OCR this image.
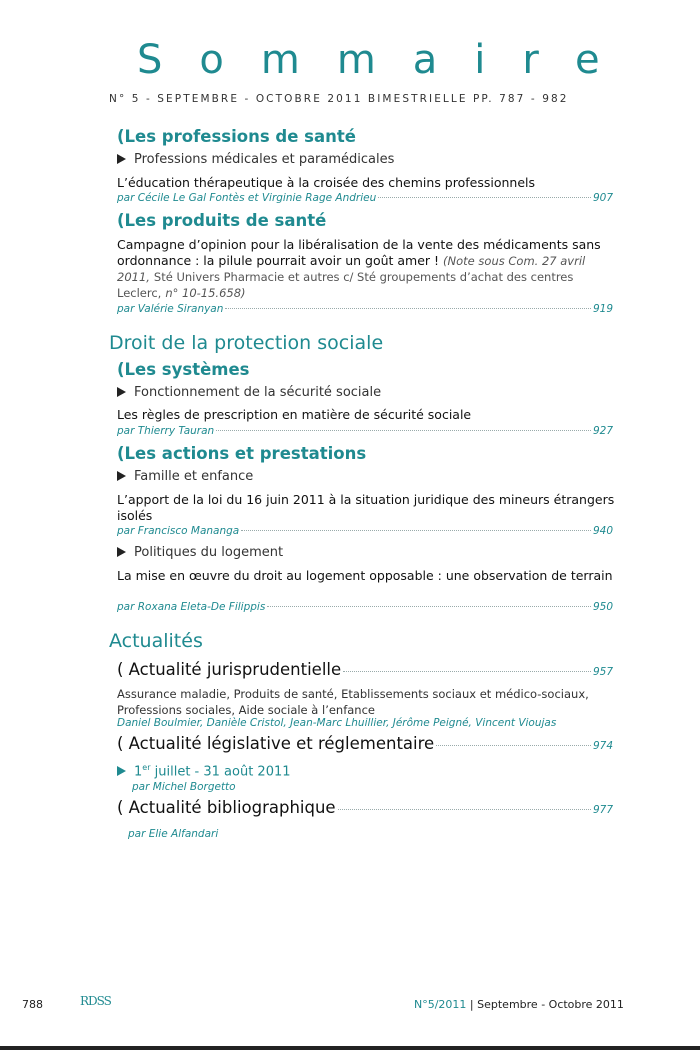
Sommaire
N° 5 - SEPTEMBRE - OCTOBRE 2011 BIMESTRIELLE PP. 787 - 982
(Les professions de santé
Professions médicales et paramédicales
L’éducation thérapeutique à la croisée des chemins professionnels
par Cécile Le Gal Fontès et Virginie Rage Andrieu	907
(Les produits de santé
Campagne d’opinion pour la libéralisation de la vente des médicaments sans ordonnance : la pilule pourrait avoir un goût amer ! (Note sous Com. 27 avril 2011, Sté Univers Pharmacie et autres c/ Sté groupements d’achat des centres Leclerc, n° 10-15.658)
par Valérie Siranyan	919
Droit de la protection sociale
(Les systèmes
Fonctionnement de la sécurité sociale
Les règles de prescription en matière de sécurité sociale
par Thierry Tauran	927
(Les actions et prestations
Famille et enfance
L’apport de la loi du 16 juin 2011 à la situation juridique des mineurs étrangers isolés
par Francisco Mananga	940
Politiques du logement
La mise en œuvre du droit au logement opposable : une observation de terrain
par Roxana Eleta-De Filippis	950
Actualités
( Actualité jurisprudentielle	957
Assurance maladie, Produits de santé, Etablissements sociaux et médico-sociaux, Professions sociales, Aide sociale à l’enfance
Daniel Boulmier, Danièle Cristol, Jean-Marc Lhuillier, Jérôme Peigné, Vincent Vioujas
( Actualité législative et réglementaire	974
1er juillet - 31 août 2011
par Michel Borgetto
( Actualité bibliographique	977
par Elie Alfandari
788	RDSS	N°5/2011 | Septembre - Octobre 2011
